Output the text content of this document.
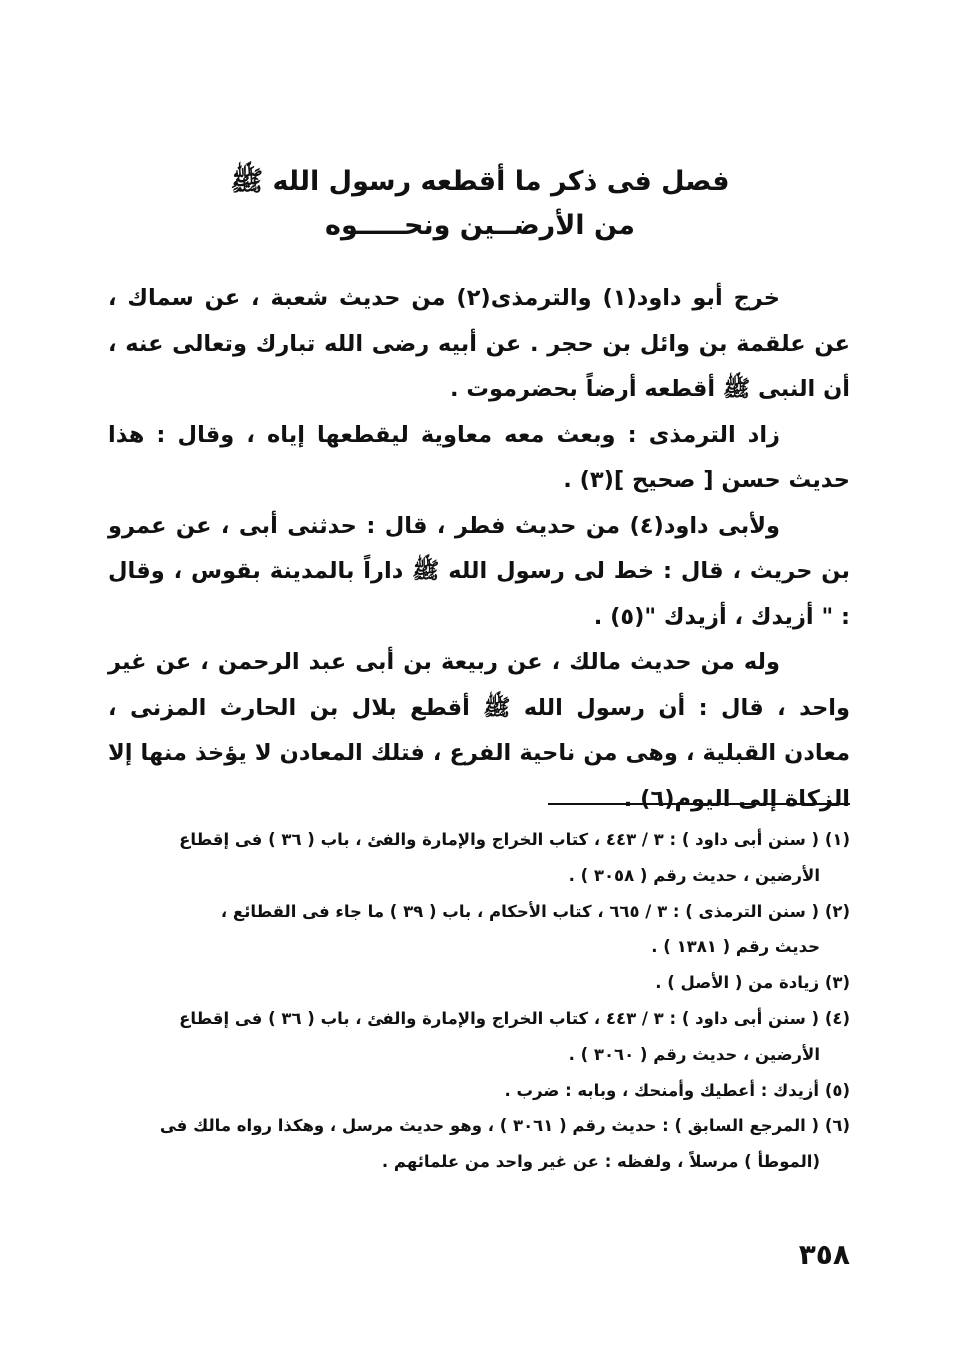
فصل فى ذكر ما أقطعه رسول الله ﷺ
من الأرضــين ونحـــــوه

خرج أبو داود(١) والترمذى(٢) من حديث شعبة ، عن سماك ، عن علقمة بن وائل بن حجر . عن أبيه رضى الله تبارك وتعالى عنه ، أن النبى ﷺ أقطعه أرضاً بحضرموت .

زاد الترمذى : وبعث معه معاوية ليقطعها إياه ، وقال : هذا حديث حسن [ صحيح ](٣) .

ولأبى داود(٤) من حديث فطر ، قال : حدثنى أبى ، عن عمرو بن حريث ، قال : خط لى رسول الله ﷺ داراً بالمدينة بقوس ، وقال : " أزيدك ، أزيدك "(٥) .

وله من حديث مالك ، عن ربيعة بن أبى عبد الرحمن ، عن غير واحد ، قال : أن رسول الله ﷺ أقطع بلال بن الحارث المزنى ، معادن القبلية ، وهى من ناحية الفرع ، فتلك المعادن لا يؤخذ منها إلا الزكاة إلى اليوم(٦) .

(١) ( سنن أبى داود ) : ٣ / ٤٤٣ ، كتاب الخراج والإمارة والفئ ، باب ( ٣٦ ) فى إقطاع
الأرضين ، حديث رقم ( ٣٠٥٨ ) .
(٢) ( سنن الترمذى ) : ٣ / ٦٦٥ ، كتاب الأحكام ، باب ( ٣٩ ) ما جاء فى القطائع ،
حديث رقم ( ١٣٨١ ) .
(٣) زيادة من ( الأصل ) .
(٤) ( سنن أبى داود ) : ٣ / ٤٤٣ ، كتاب الخراج والإمارة والفئ ، باب ( ٣٦ ) فى إقطاع
الأرضين ، حديث رقم ( ٣٠٦٠ ) .
(٥) أزيدك : أعطيك وأمنحك ، وبابه : ضرب .
(٦) ( المرجع السابق ) : حديث رقم ( ٣٠٦١ ) ، وهو حديث مرسل ، وهكذا رواه مالك فى
(الموطأ ) مرسلاً ، ولفظه : عن غير واحد من علمائهم .
٣٥٨
